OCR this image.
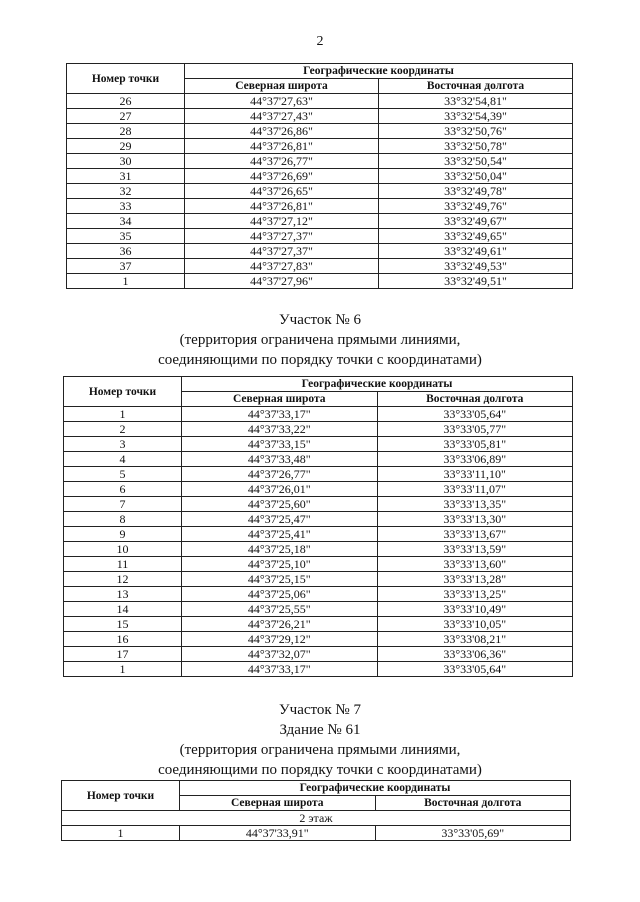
2
Номер точки	Географические координаты	
	Северная широта	Восточная долгота
26	44°37'27,63"	33°32'54,81"
27	44°37'27,43"	33°32'54,39"
28	44°37'26,86"	33°32'50,76"
29	44°37'26,81"	33°32'50,78"
30	44°37'26,77"	33°32'50,54"
31	44°37'26,69"	33°32'50,04"
32	44°37'26,65"	33°32'49,78"
33	44°37'26,81"	33°32'49,76"
34	44°37'27,12"	33°32'49,67"
35	44°37'27,37"	33°32'49,65"
36	44°37'27,37"	33°32'49,61"
37	44°37'27,83"	33°32'49,53"
1	44°37'27,96"	33°32'49,51"
Участок № 6
(территория ограничена прямыми линиями,
соединяющими по порядку точки с координатами)
Номер точки	Географические координаты	
	Северная широта	Восточная долгота
1	44°37'33,17"	33°33'05,64"
2	44°37'33,22"	33°33'05,77"
3	44°37'33,15"	33°33'05,81"
4	44°37'33,48"	33°33'06,89"
5	44°37'26,77"	33°33'11,10"
6	44°37'26,01"	33°33'11,07"
7	44°37'25,60"	33°33'13,35"
8	44°37'25,47"	33°33'13,30"
9	44°37'25,41"	33°33'13,67"
10	44°37'25,18"	33°33'13,59"
11	44°37'25,10"	33°33'13,60"
12	44°37'25,15"	33°33'13,28"
13	44°37'25,06"	33°33'13,25"
14	44°37'25,55"	33°33'10,49"
15	44°37'26,21"	33°33'10,05"
16	44°37'29,12"	33°33'08,21"
17	44°37'32,07"	33°33'06,36"
1	44°37'33,17"	33°33'05,64"
Участок № 7
Здание № 61
(территория ограничена прямыми линиями,
соединяющими по порядку точки с координатами)
Номер точки	Географические координаты	
	Северная широта	Восточная долгота
2 этаж		
1	44°37'33,91"	33°33'05,69"
